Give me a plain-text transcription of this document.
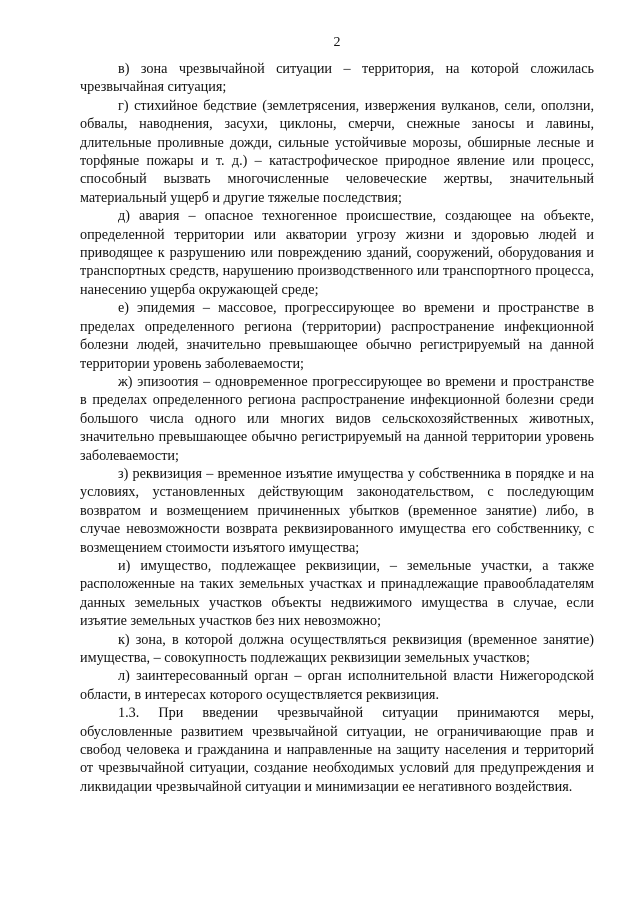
2

в) зона чрезвычайной ситуации – территория, на которой сложилась чрезвычайная ситуация;

г) стихийное бедствие (землетрясения, извержения вулканов, сели, оползни, обвалы, наводнения, засухи, циклоны, смерчи, снежные заносы и лавины, длительные проливные дожди, сильные устойчивые морозы, обширные лесные и торфяные пожары и т. д.) – катастрофическое природное явление или процесс, способный вызвать многочисленные человеческие жертвы, значительный материальный ущерб и другие тяжелые последствия;

д) авария – опасное техногенное происшествие, создающее на объекте, определенной территории или акватории угрозу жизни и здоровью людей и приводящее к разрушению или повреждению зданий, сооружений, оборудования и транспортных средств, нарушению производственного или транспортного процесса, нанесению ущерба окружающей среде;

е) эпидемия – массовое, прогрессирующее во времени и пространстве в пределах определенного региона (территории) распространение инфекционной болезни людей, значительно превышающее обычно регистрируемый на данной территории уровень заболеваемости;

ж) эпизоотия – одновременное прогрессирующее во времени и пространстве в пределах определенного региона распространение инфекционной болезни среди большого числа одного или многих видов сельскохозяйственных животных, значительно превышающее обычно регистрируемый на данной территории уровень заболеваемости;

з) реквизиция – временное изъятие имущества у собственника в порядке и на условиях, установленных действующим законодательством, с последующим возвратом и возмещением причиненных убытков (временное занятие) либо, в случае невозможности возврата реквизированного имущества его собственнику, с возмещением стоимости изъятого имущества;

и) имущество, подлежащее реквизиции, – земельные участки, а также расположенные на таких земельных участках и принадлежащие правообладателям данных земельных участков объекты недвижимого имущества в случае, если изъятие земельных участков без них невозможно;

к) зона, в которой должна осуществляться реквизиция (временное занятие) имущества, – совокупность подлежащих реквизиции земельных участков;

л) заинтересованный орган – орган исполнительной власти Нижегородской области, в интересах которого осуществляется реквизиция.

1.3. При введении чрезвычайной ситуации принимаются меры, обусловленные развитием чрезвычайной ситуации, не ограничивающие прав и свобод человека и гражданина и направленные на защиту населения и территорий от чрезвычайной ситуации, создание необходимых условий для предупреждения и ликвидации чрезвычайной ситуации и минимизации ее негативного воздействия.
